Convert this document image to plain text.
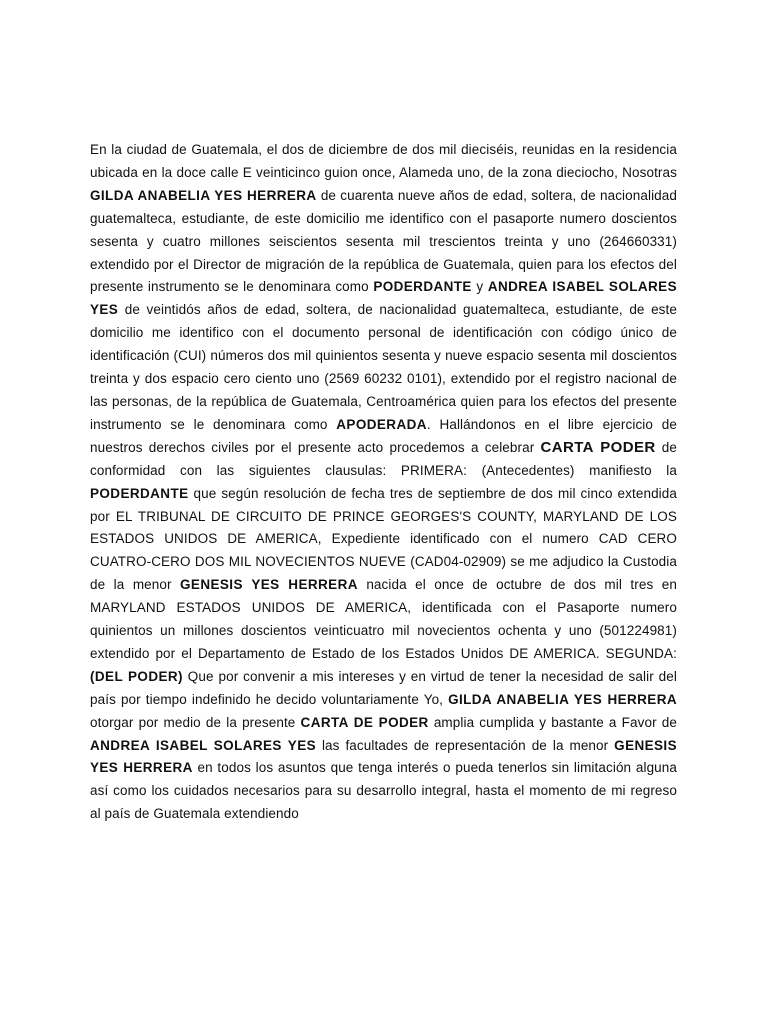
En la ciudad de Guatemala, el dos de diciembre de dos mil dieciséis, reunidas en la residencia ubicada en la doce calle E veinticinco guion once, Alameda uno, de la zona dieciocho, Nosotras GILDA ANABELIA YES HERRERA de cuarenta nueve años de edad, soltera, de nacionalidad guatemalteca, estudiante, de este domicilio me identifico con el pasaporte numero doscientos sesenta y cuatro millones seiscientos sesenta mil trescientos treinta y uno (264660331) extendido por el Director de migración de la república de Guatemala, quien para los efectos del presente instrumento se le denominara como PODERDANTE y ANDREA ISABEL SOLARES YES de veintidós años de edad, soltera, de nacionalidad guatemalteca, estudiante, de este domicilio me identifico con el documento personal de identificación con código único de identificación (CUI) números dos mil quinientos sesenta y nueve espacio sesenta mil doscientos treinta y dos espacio cero ciento uno (2569 60232 0101), extendido por el registro nacional de las personas, de la república de Guatemala, Centroamérica quien para los efectos del presente instrumento se le denominara como APODERADA. Hallándonos en el libre ejercicio de nuestros derechos civiles por el presente acto procedemos a celebrar CARTA PODER de conformidad con las siguientes clausulas: PRIMERA: (Antecedentes) manifiesto la PODERDANTE que según resolución de fecha tres de septiembre de dos mil cinco extendida por EL TRIBUNAL DE CIRCUITO DE PRINCE GEORGES'S COUNTY, MARYLAND DE LOS ESTADOS UNIDOS DE AMERICA, Expediente identificado con el numero CAD CERO CUATRO-CERO DOS MIL NOVECIENTOS NUEVE (CAD04-02909) se me adjudico la Custodia de la menor GENESIS YES HERRERA nacida el once de octubre de dos mil tres en MARYLAND ESTADOS UNIDOS DE AMERICA, identificada con el Pasaporte numero quinientos un millones doscientos veinticuatro mil novecientos ochenta y uno (501224981) extendido por el Departamento de Estado de los Estados Unidos DE AMERICA. SEGUNDA: (DEL PODER) Que por convenir a mis intereses y en virtud de tener la necesidad de salir del país por tiempo indefinido he decido voluntariamente Yo, GILDA ANABELIA YES HERRERA otorgar por medio de la presente CARTA DE PODER amplia cumplida y bastante a Favor de ANDREA ISABEL SOLARES YES las facultades de representación de la menor GENESIS YES HERRERA en todos los asuntos que tenga interés o pueda tenerlos sin limitación alguna así como los cuidados necesarios para su desarrollo integral, hasta el momento de mi regreso al país de Guatemala extendiendo
